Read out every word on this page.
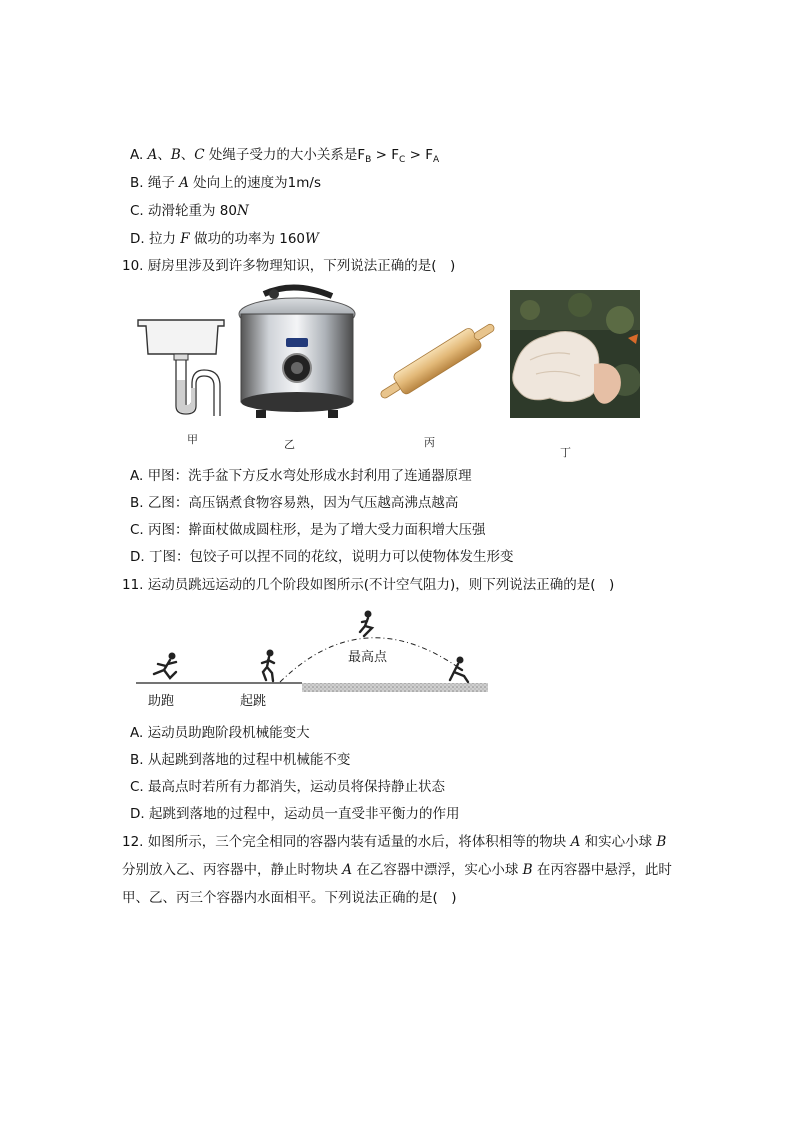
A. A、B、C 处绳子受力的大小关系是$F_B > F_C > F_A$
B. 绳子 A 处向上的速度为1m/s
C. 动滑轮重为 80N
D. 拉力 F 做功的功率为 160W
10. 厨房里涉及到许多物理知识，下列说法正确的是(　)
甲	乙	丙
丁
A. 甲图：洗手盆下方反水弯处形成水封利用了连通器原理
B. 乙图：高压锅煮食物容易熟，因为气压越高沸点越高
C. 丙图：擀面杖做成圆柱形，是为了增大受力面积增大压强
D. 丁图：包饺子可以捏不同的花纹，说明力可以使物体发生形变
11. 运动员跳远运动的几个阶段如图所示(不计空气阻力)，则下列说法正确的是(　)
助跑	起跳
最高点
A. 运动员助跑阶段机械能变大
B. 从起跳到落地的过程中机械能不变
C. 最高点时若所有力都消失，运动员将保持静止状态
D. 起跳到落地的过程中，运动员一直受非平衡力的作用
12. 如图所示，三个完全相同的容器内装有适量的水后，将体积相等的物块 A 和实心小球 B
分别放入乙、丙容器中，静止时物块 A 在乙容器中漂浮，实心小球 B 在丙容器中悬浮，此时
甲、乙、丙三个容器内水面相平。下列说法正确的是(　)
